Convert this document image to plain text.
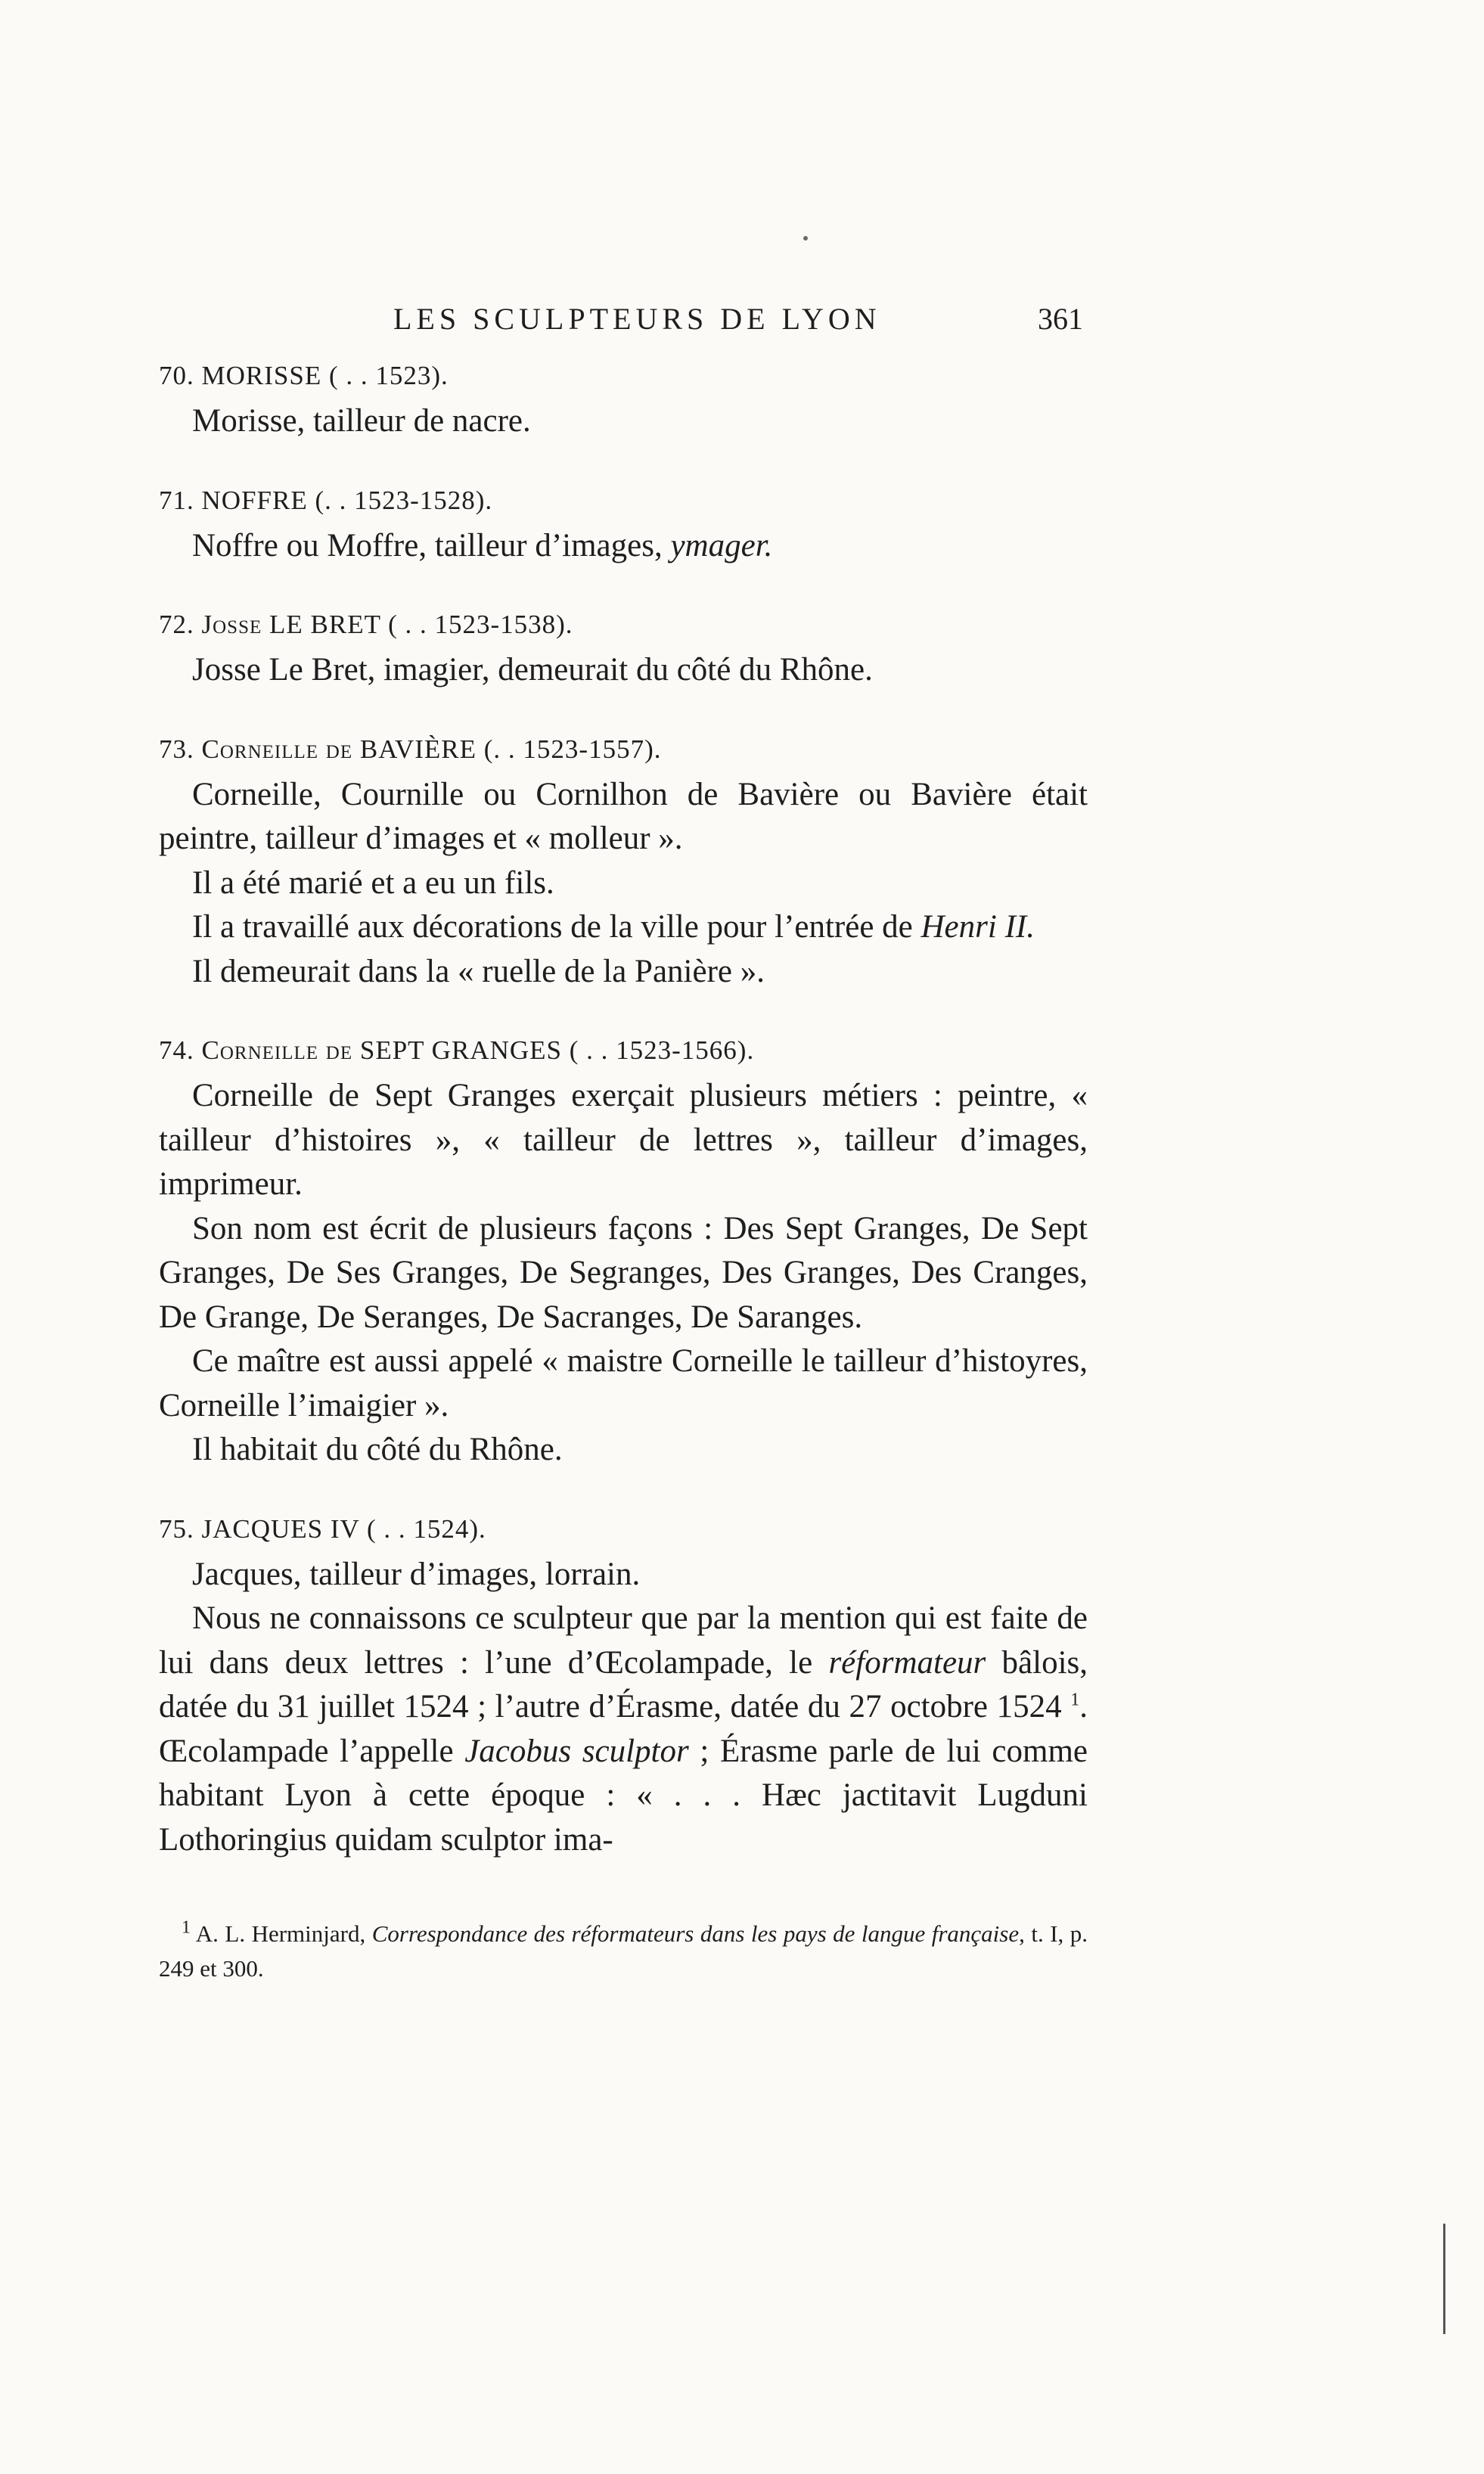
LES SCULPTEURS DE LYON	361
70. MORISSE ( . . 1523).

Morisse, tailleur de nacre.

71. NOFFRE (. . 1523-1528).

Noffre ou Moffre, tailleur d’images, ymager.

72. Josse LE BRET ( . . 1523-1538).

Josse Le Bret, imagier, demeurait du côté du Rhône.

73. Corneille de BAVIÈRE (. . 1523-1557).

Corneille, Cournille ou Cornilhon de Bavière ou Bavière était peintre, tailleur d’images et « molleur ».

Il a été marié et a eu un fils.

Il a travaillé aux décorations de la ville pour l’entrée de Henri II.

Il demeurait dans la « ruelle de la Panière ».

74. Corneille de SEPT GRANGES ( . . 1523-1566).

Corneille de Sept Granges exerçait plusieurs métiers : peintre, « tailleur d’histoires », « tailleur de lettres », tailleur d’images, imprimeur.

Son nom est écrit de plusieurs façons : Des Sept Granges, De Sept Granges, De Ses Granges, De Segranges, Des Granges, Des Cranges, De Grange, De Seranges, De Sacranges, De Saranges.

Ce maître est aussi appelé « maistre Corneille le tailleur d’histoyres, Corneille l’imaigier ».

Il habitait du côté du Rhône.

75. JACQUES IV ( . . 1524).

Jacques, tailleur d’images, lorrain.

Nous ne connaissons ce sculpteur que par la mention qui est faite de lui dans deux lettres : l’une d’Œcolampade, le réformateur bâlois, datée du 31 juillet 1524 ; l’autre d’Érasme, datée du 27 octobre 1524 $^1$. Œcolampade l’appelle Jacobus sculptor ; Érasme parle de lui comme habitant Lyon à cette époque : « . . . Hæc jactitavit Lugduni Lothoringius quidam sculptor ima-

$^1$ A. L. Herminjard, Correspondance des réformateurs dans les pays de langue française, t. I, p. 249 et 300.
